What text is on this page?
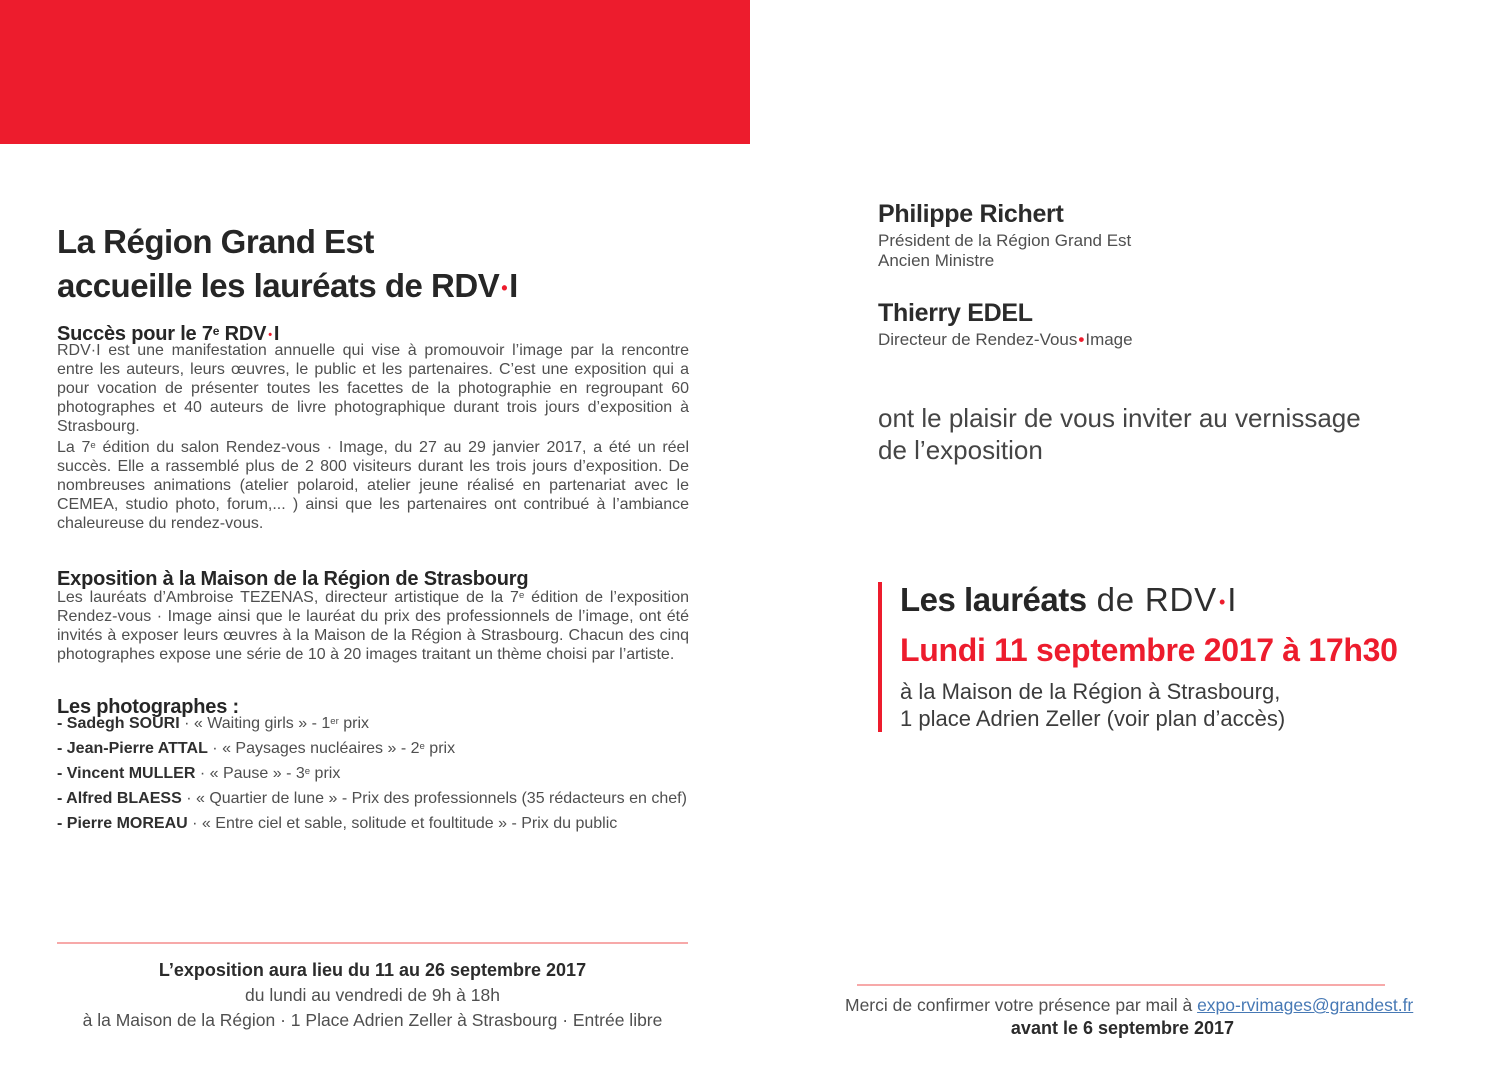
La Région Grand Est
accueille les lauréats de RDV •I
Succès pour le 7e RDV • I

RDV·I est une manifestation annuelle qui vise à promouvoir l’image par la rencontre entre les auteurs, leurs œuvres, le public et les partenaires. C’est une exposition qui a pour vocation de présenter toutes les facettes de la photographie en regroupant 60 photographes et 40 auteurs de livre photographique durant trois jours d’exposition à Strasbourg.

La 7e édition du salon Rendez-vous · Image, du 27 au 29 janvier 2017, a été un réel succès. Elle a rassemblé plus de 2 800 visiteurs durant les trois jours d’exposition. De nombreuses animations (atelier polaroid, atelier jeune réalisé en partenariat avec le CEMEA, studio photo, forum,... ) ainsi que les partenaires ont contribué à l’ambiance chaleureuse du rendez-vous.

Exposition à la Maison de la Région de Strasbourg

Les lauréats d’Ambroise TEZENAS, directeur artistique de la 7e édition de l’exposition Rendez-vous · Image ainsi que le lauréat du prix des professionnels de l’image, ont été invités à exposer leurs œuvres à la Maison de la Région à Strasbourg. Chacun des cinq photographes expose une série de 10 à 20 images traitant un thème choisi par l’artiste.

Les photographes :
- Sadegh SOURI · « Waiting girls » - 1er prix
- Jean-Pierre ATTAL · « Paysages nucléaires » - 2e prix
- Vincent MULLER · « Pause » - 3e prix
- Alfred BLAESS · « Quartier de lune » - Prix des professionnels (35 rédacteurs en chef)
- Pierre MOREAU · « Entre ciel et sable, solitude et foultitude » - Prix du public
L’exposition aura lieu du 11 au 26 septembre 2017
du lundi au vendredi de 9h à 18h
à la Maison de la Région · 1 Place Adrien Zeller à Strasbourg · Entrée libre
Philippe Richert
Président de la Région Grand Est
Ancien Ministre
Thierry EDEL
Directeur de Rendez-Vous•Image
ont le plaisir de vous inviter au vernissage
de l’exposition
Les lauréats de RDV •I
Lundi 11 septembre 2017 à 17h30
à la Maison de la Région à Strasbourg,
1 place Adrien Zeller (voir plan d’accès)
Merci de confirmer votre présence par mail à expo-rvimages@grandest.fr
avant le 6 septembre 2017
